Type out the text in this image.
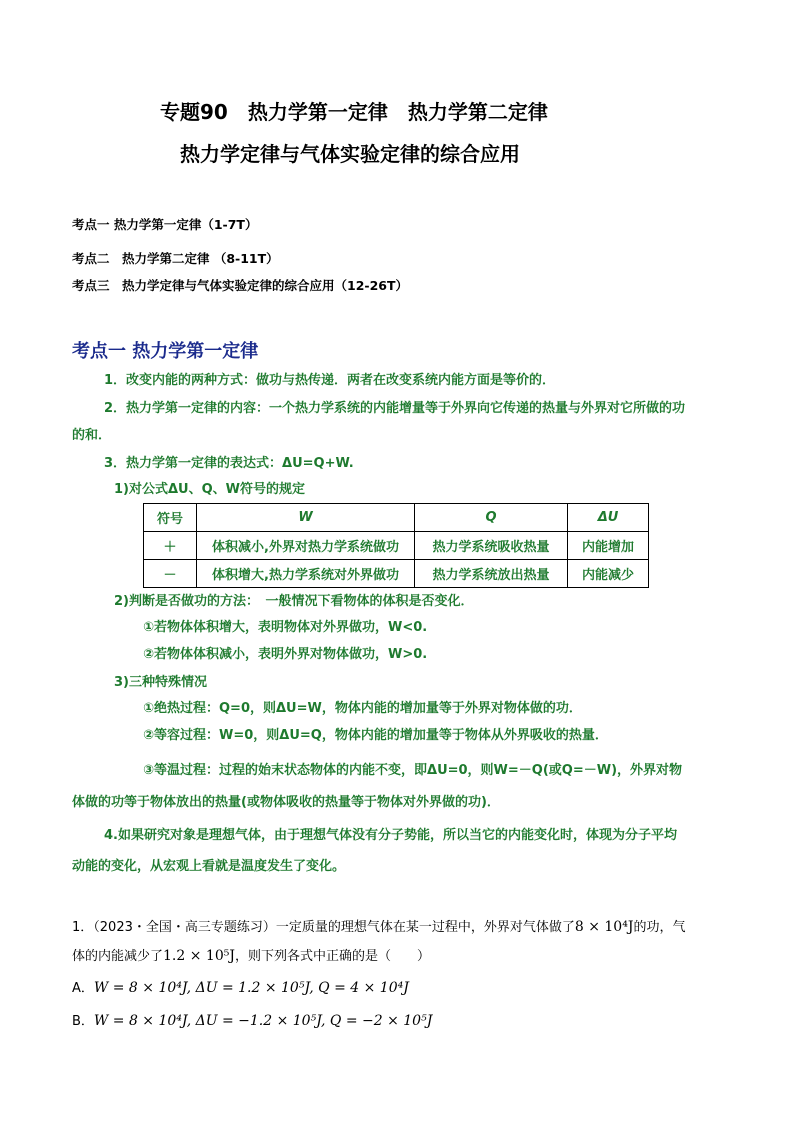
专题90　热力学第一定律　热力学第二定律
热力学定律与气体实验定律的综合应用
考点一 热力学第一定律（1-7T）
考点二　热力学第二定律 （8-11T）
考点三　热力学定律与气体实验定律的综合应用（12-26T）
考点一 热力学第一定律
1．改变内能的两种方式：做功与热传递．两者在改变系统内能方面是等价的．
2．热力学第一定律的内容：一个热力学系统的内能增量等于外界向它传递的热量与外界对它所做的功
的和．
3．热力学第一定律的表达式：ΔU=Q+W.
1)对公式ΔU、Q、W符号的规定
符号	W	Q	ΔU
＋	体积减小,外界对热力学系统做功	热力学系统吸收热量	内能增加
－	体积增大,热力学系统对外界做功	热力学系统放出热量	内能减少
2)判断是否做功的方法：　一般情况下看物体的体积是否变化．
①若物体体积增大，表明物体对外界做功，W<0.
②若物体体积减小，表明外界对物体做功，W>0.
3)三种特殊情况
①绝热过程：Q=0，则ΔU=W，物体内能的增加量等于外界对物体做的功．
②等容过程：W=0，则ΔU=Q，物体内能的增加量等于物体从外界吸收的热量．
③等温过程：过程的始末状态物体的内能不变，即ΔU=0，则W=－Q(或Q=－W)，外界对物
体做的功等于物体放出的热量(或物体吸收的热量等于物体对外界做的功)．
4.如果研究对象是理想气体，由于理想气体没有分子势能，所以当它的内能变化时，体现为分子平均
动能的变化，从宏观上看就是温度发生了变化。
1．（2023・全国・高三专题练习）一定质量的理想气体在某一过程中，外界对气体做了8 × 10⁴J的功，气
体的内能减少了1.2 × 10⁵J，则下列各式中正确的是（　　）
A．W = 8 × 10⁴J, ΔU = 1.2 × 10⁵J, Q = 4 × 10⁴J
B．W = 8 × 10⁴J, ΔU = −1.2 × 10⁵J, Q = −2 × 10⁵J
